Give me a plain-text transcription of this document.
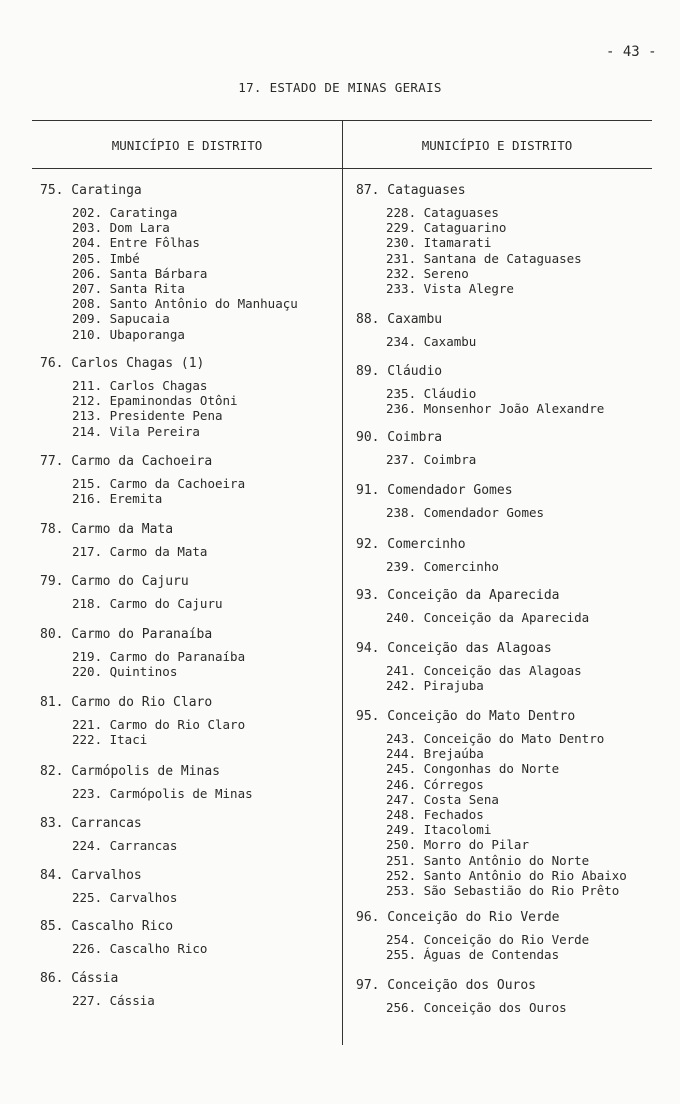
- 43 -
17. ESTADO DE MINAS GERAIS
MUNICÍPIO E DISTRITO	MUNICÍPIO E DISTRITO
75. Caratinga
202. Caratinga
203. Dom Lara
204. Entre Fôlhas
205. Imbé
206. Santa Bárbara
207. Santa Rita
208. Santo Antônio do Manhuaçu
209. Sapucaia
210. Ubaporanga
76. Carlos Chagas (1)
211. Carlos Chagas
212. Epaminondas Otôni
213. Presidente Pena
214. Vila Pereira
77. Carmo da Cachoeira
215. Carmo da Cachoeira
216. Eremita
78. Carmo da Mata
217. Carmo da Mata
79. Carmo do Cajuru
218. Carmo do Cajuru
80. Carmo do Paranaíba
219. Carmo do Paranaíba
220. Quintinos
81. Carmo do Rio Claro
221. Carmo do Rio Claro
222. Itaci
82. Carmópolis de Minas
223. Carmópolis de Minas
83. Carrancas
224. Carrancas
84. Carvalhos
225. Carvalhos
85. Cascalho Rico
226. Cascalho Rico
86. Cássia
227. Cássia
87. Cataguases
228. Cataguases
229. Cataguarino
230. Itamarati
231. Santana de Cataguases
232. Sereno
233. Vista Alegre
88. Caxambu
234. Caxambu
89. Cláudio
235. Cláudio
236. Monsenhor João Alexandre
90. Coimbra
237. Coimbra
91. Comendador Gomes
238. Comendador Gomes
92. Comercinho
239. Comercinho
93. Conceição da Aparecida
240. Conceição da Aparecida
94. Conceição das Alagoas
241. Conceição das Alagoas
242. Pirajuba
95. Conceição do Mato Dentro
243. Conceição do Mato Dentro
244. Brejaúba
245. Congonhas do Norte
246. Córregos
247. Costa Sena
248. Fechados
249. Itacolomi
250. Morro do Pilar
251. Santo Antônio do Norte
252. Santo Antônio do Rio Abaixo
253. São Sebastião do Rio Prêto
96. Conceição do Rio Verde
254. Conceição do Rio Verde
255. Águas de Contendas
97. Conceição dos Ouros
256. Conceição dos Ouros
